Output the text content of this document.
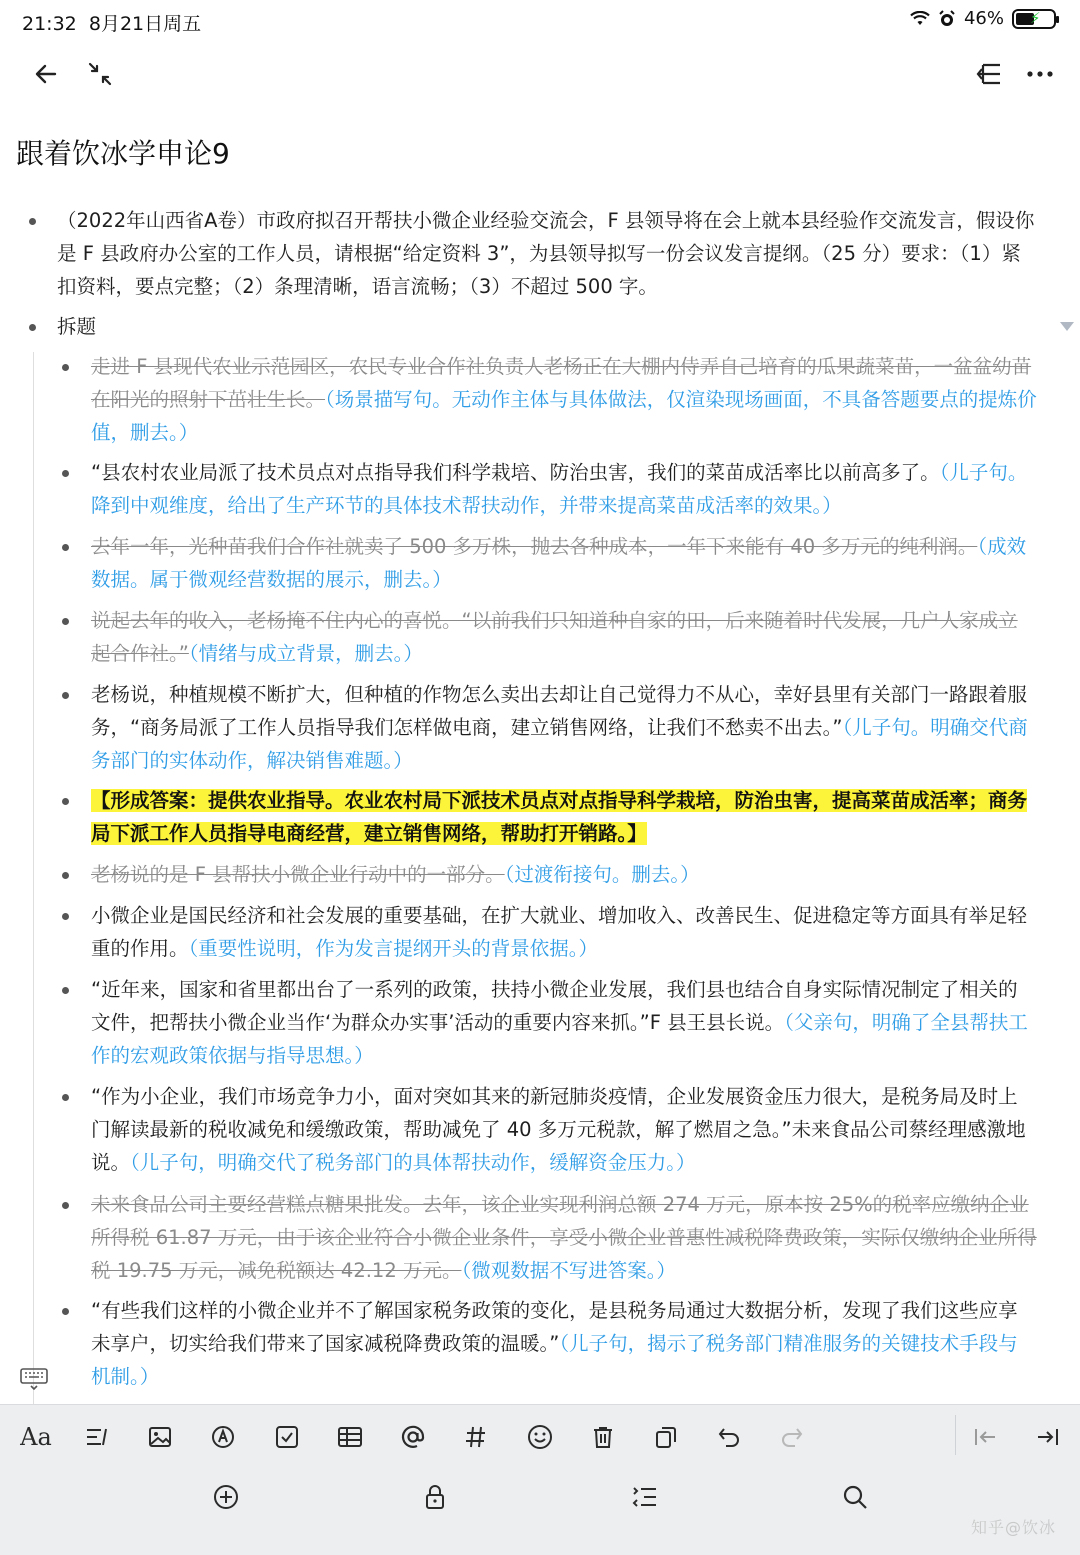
21:32 8月21日周五	46% ⚡
跟着饮冰学申论9
（2022年山西省A卷）市政府拟召开帮扶小微企业经验交流会，F 县领导将在会上就本县经验作交流发言，假设你是 F 县政府办公室的工作人员，请根据“给定资料 3”，为县领导拟写一份会议发言提纲。（25 分）要求：（1）紧扣资料，要点完整；（2）条理清晰，语言流畅；（3）不超过 500 字。
拆题
走进 F 县现代农业示范园区，农民专业合作社负责人老杨正在大棚内侍弄自己培育的瓜果蔬菜苗，一盆盆幼苗在阳光的照射下茁壮生长。（场景描写句。无动作主体与具体做法，仅渲染现场画面，不具备答题要点的提炼价值，删去。）
“县农村农业局派了技术员点对点指导我们科学栽培、防治虫害，我们的菜苗成活率比以前高多了。（儿子句。降到中观维度，给出了生产环节的具体技术帮扶动作，并带来提高菜苗成活率的效果。）
去年一年，光种苗我们合作社就卖了 500 多万株，抛去各种成本，一年下来能有 40 多万元的纯利润。（成效数据。属于微观经营数据的展示，删去。）
说起去年的收入，老杨掩不住内心的喜悦。“以前我们只知道种自家的田，后来随着时代发展，几户人家成立起合作社。”（情绪与成立背景，删去。）
老杨说，种植规模不断扩大，但种植的作物怎么卖出去却让自己觉得力不从心，幸好县里有关部门一路跟着服务，“商务局派了工作人员指导我们怎样做电商，建立销售网络，让我们不愁卖不出去。”（儿子句。明确交代商务部门的实体动作，解决销售难题。）
【形成答案：提供农业指导。农业农村局下派技术员点对点指导科学栽培，防治虫害，提高菜苗成活率；商务局下派工作人员指导电商经营，建立销售网络，帮助打开销路。】
老杨说的是 F 县帮扶小微企业行动中的一部分。（过渡衔接句。删去。）
小微企业是国民经济和社会发展的重要基础，在扩大就业、增加收入、改善民生、促进稳定等方面具有举足轻重的作用。（重要性说明，作为发言提纲开头的背景依据。）
“近年来，国家和省里都出台了一系列的政策，扶持小微企业发展，我们县也结合自身实际情况制定了相关的文件，把帮扶小微企业当作‘为群众办实事’活动的重要内容来抓。”F 县王县长说。（父亲句，明确了全县帮扶工作的宏观政策依据与指导思想。）
“作为小企业，我们市场竞争力小，面对突如其来的新冠肺炎疫情，企业发展资金压力很大，是税务局及时上门解读最新的税收减免和缓缴政策，帮助减免了 40 多万元税款，解了燃眉之急。”未来食品公司蔡经理感激地说。（儿子句，明确交代了税务部门的具体帮扶动作，缓解资金压力。）
未来食品公司主要经营糕点糖果批发。去年，该企业实现利润总额 274 万元，原本按 25%的税率应缴纳企业所得税 61.87 万元，由于该企业符合小微企业条件，享受小微企业普惠性减税降费政策，实际仅缴纳企业所得税 19.75 万元，减免税额达 42.12 万元。（微观数据不写进答案。）
“有些我们这样的小微企业并不了解国家税务政策的变化，是县税务局通过大数据分析，发现了我们这些应享未享户，切实给我们带来了国家减税降费政策的温暖。”（儿子句，揭示了税务部门精准服务的关键技术手段与机制。）
Aa
知乎@饮冰
